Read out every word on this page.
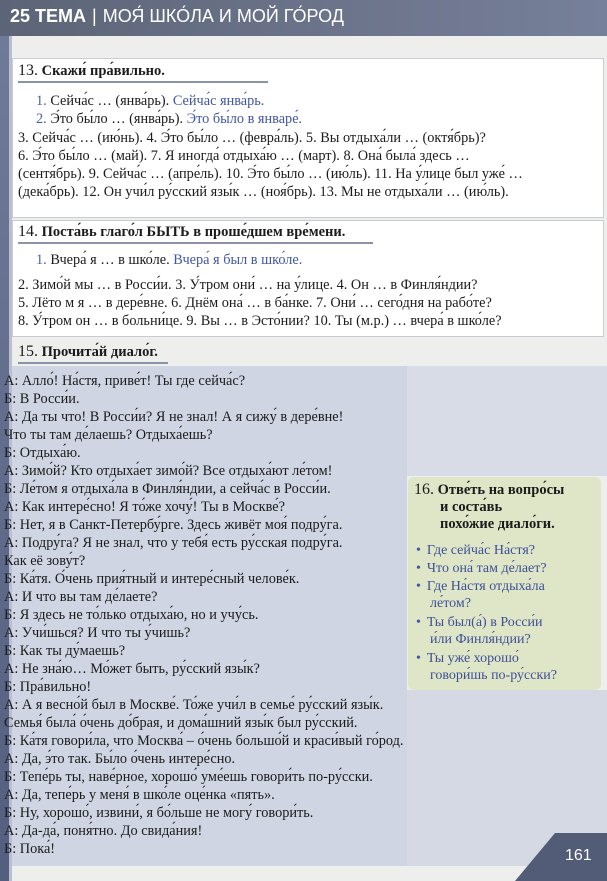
25 ТЕМА | МОЯ́ ШКО́ЛА И МОЙ ГО́РОД
13. Скажи́ пра́вильно.
1. Сейча́с … (янва́рь). Сейча́с янва́рь.
2. Э́то бы́ло … (янва́рь). Э́то бы́ло в январе́.
3. Сейча́с … (ию́нь). 4. Э́то бы́ло … (февра́ль). 5. Вы отдыха́ли … (октя́брь)?
6. Э́то бы́ло … (май). 7. Я иногда́ отдыха́ю … (март). 8. Она́ была́ здесь …
(сентя́брь). 9. Сейча́с … (апре́ль). 10. Э́то бы́ло … (ию́ль). 11. На у́лице был уже́ …
(дека́брь). 12. Он учи́л ру́сский язы́к … (ноя́брь). 13. Мы не отдыха́ли … (ию́ль).
14. Поста́вь глаго́л БЫТЬ в проше́дшем вре́мени.
1. Вчера́ я … в шко́ле. Вчера́ я был в шко́ле.
2. Зимо́й мы … в Росси́и. 3. У́тром они́ … на у́лице. 4. Он … в Финля́ндии?
5. Лёто м я … в дере́вне. 6. Днём она́ … в ба́нке. 7. Они́ … сего́дня на рабо́те?
8. У́тром он … в больни́це. 9. Вы … в Эсто́нии? 10. Ты (м.р.) … вчера́ в шко́ле?
15. Прочита́й диало́г.
А: Алло́! На́стя, приве́т! Ты где сейча́с?
Б: В Росси́и.
А: Да ты что! В Росси́и? Я не знал! А я сижу́ в дере́вне!
Что ты там де́лаешь? Отдыха́ешь?
Б: Отдыха́ю.
А: Зимо́й? Кто отдыха́ет зимо́й? Все отдыха́ют ле́том!
Б: Ле́том я отдыха́ла в Финля́ндии, а сейча́с в Росси́и.
А: Как интере́сно! Я то́же хочу́! Ты в Москве́?
Б: Нет, я в Санкт-Петербу́рге. Здесь живёт моя́ подру́га.
А: Подру́га? Я не знал, что у тебя́ есть ру́сская подру́га.
Как её зову́т?
Б: Ка́тя. О́чень прия́тный и интере́сный челове́к.
А: И что вы там де́лаете?
Б: Я здесь не то́лько отдыха́ю, но и учу́сь.
А: Учи́шься? И что ты у́чишь?
Б: Как ты ду́маешь?
А: Не зна́ю… Мо́жет быть, ру́сский язы́к?
Б: Пра́вильно!
А: А я весно́й был в Москве́. То́же учи́л в семье́ ру́сский язы́к.
Семья́ была́ о́чень до́брая, и дома́шний язы́к был ру́сский.
Б: Ка́тя говори́ла, что Москва́ – о́чень большо́й и краси́вый го́род.
А: Да, э́то так. Бы́ло о́чень интере́сно.
Б: Тепе́рь ты, наве́рное, хорошо́ уме́ешь говори́ть по-ру́сски.
А: Да, тепе́рь у меня́ в шко́ле оце́нка «пять».
Б: Ну, хорошо́, извини́, я бо́льше не могу́ говори́ть.
А: Да-да́, поня́тно. До свида́ния!
Б: Пока́!
16. Отве́ть на вопро́сы
и соста́вь
похо́жие диало́ги.
• Где сейча́с На́стя?
• Что она́ там де́лает?
• Где На́стя отдыха́ла
ле́том?
• Ты был(а́) в Росси́и
и́ли Финля́ндии?
• Ты уже́ хорошо́
говори́шь по-ру́сски?
161
